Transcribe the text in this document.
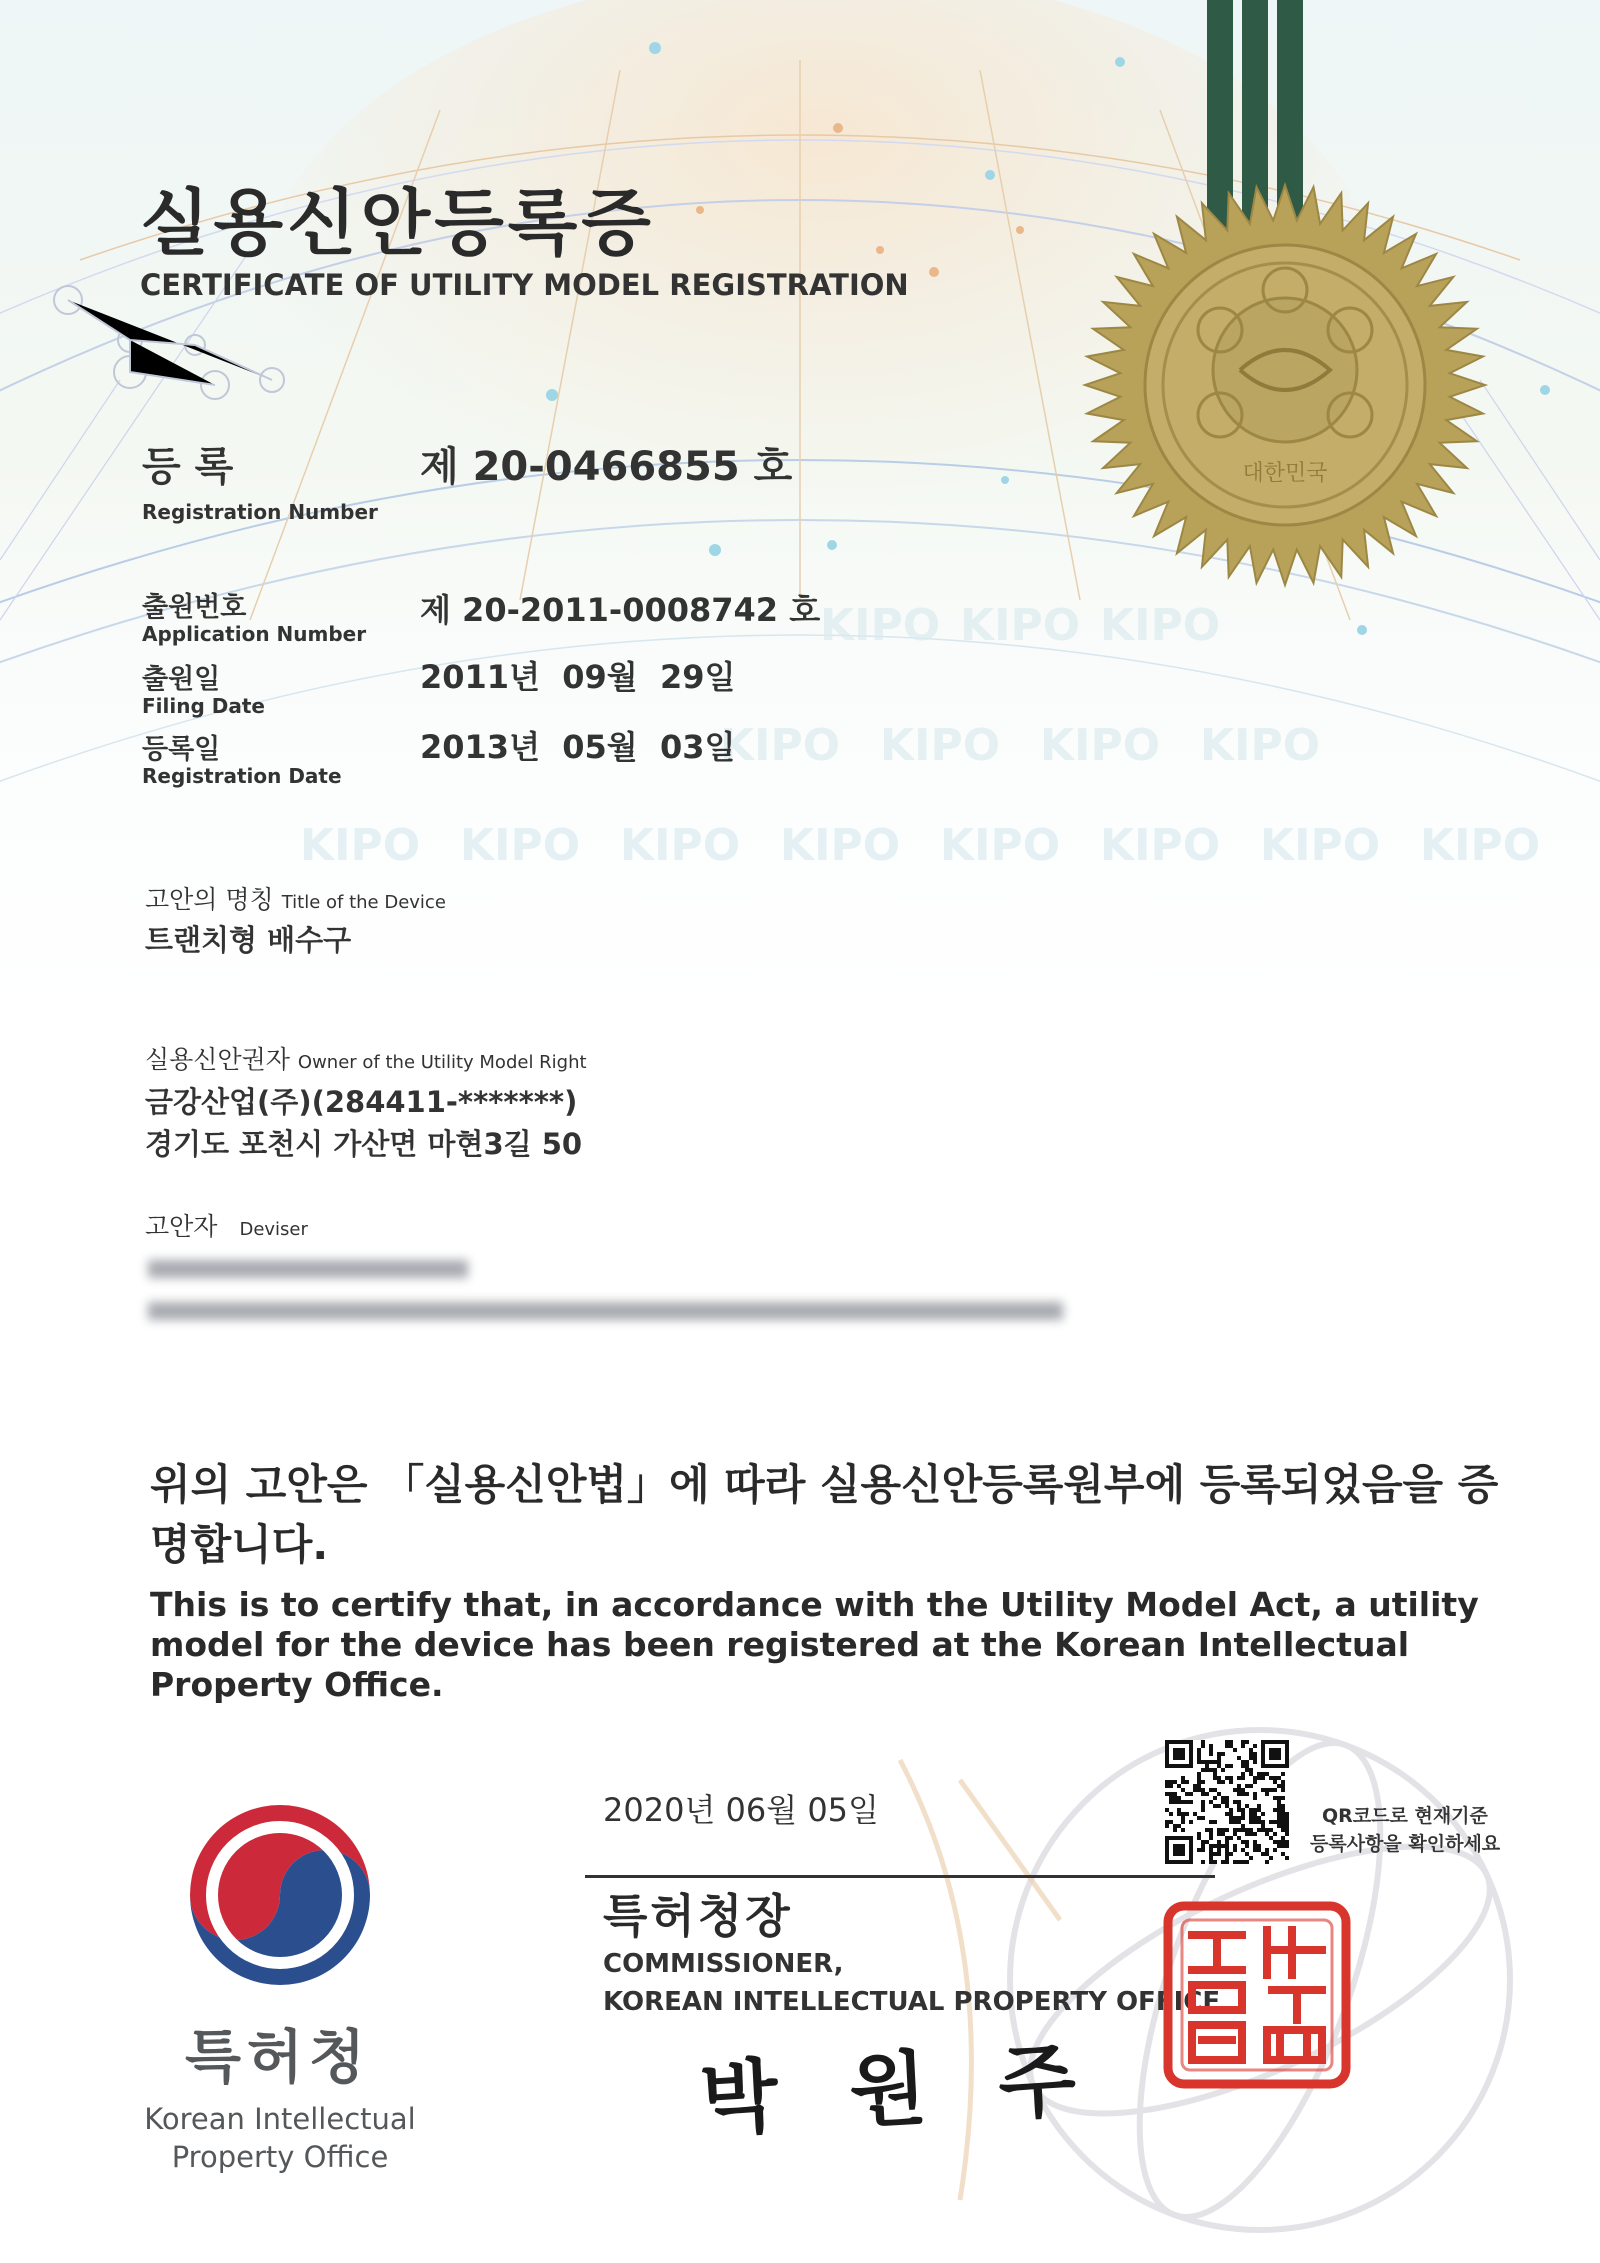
KIPO KIPO KIPO
KIPO KIPO KIPO KIPO
KIPO KIPO KIPO KIPO KIPO KIPO KIPO KIPO
대한민국
실용신안등록증
CERTIFICATE OF UTILITY MODEL REGISTRATION
등 록
Registration Number
제 20-0466855 호
출원번호
Application Number
제 20-2011-0008742 호
출원일
Filing Date
2011년  09월  29일
등록일
Registration Date
2013년  05월  03일
고안의 명칭 Title of the Device
트랜치형 배수구
실용신안권자 Owner of the Utility Model Right
금강산업(주)(284411-*******)
경기도 포천시 가산면 마현3길 50
고안자 Deviser
위의 고안은 「실용신안법」에 따라 실용신안등록원부에 등록되었음을 증명합니다.
This is to certify that, in accordance with the Utility Model Act, a utility model for the device has been registered at the Korean Intellectual Property Office.
2020년 06월 05일	QR코드로 현재기준
등록사항을 확인하세요
특허청장
COMMISSIONER,
KOREAN INTELLECTUAL PROPERTY OFFICE
박 원 주
특허청
Korean Intellectual
Property Office
